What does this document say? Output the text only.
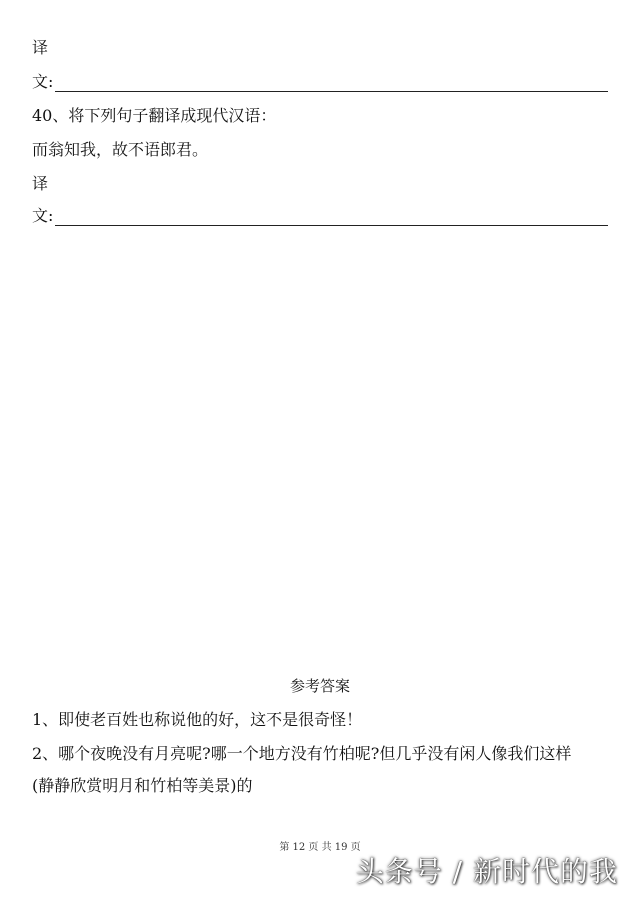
译
文:
40、将下列句子翻译成现代汉语：
而翁知我，故不语郎君。
译
文:
参考答案
1、即使老百姓也称说他的好，这不是很奇怪！
2、哪个夜晚没有月亮呢?哪一个地方没有竹柏呢?但几乎没有闲人像我们这样
(静静欣赏明月和竹柏等美景)的
第 12 页 共 19 页
头条号 / 新时代的我
